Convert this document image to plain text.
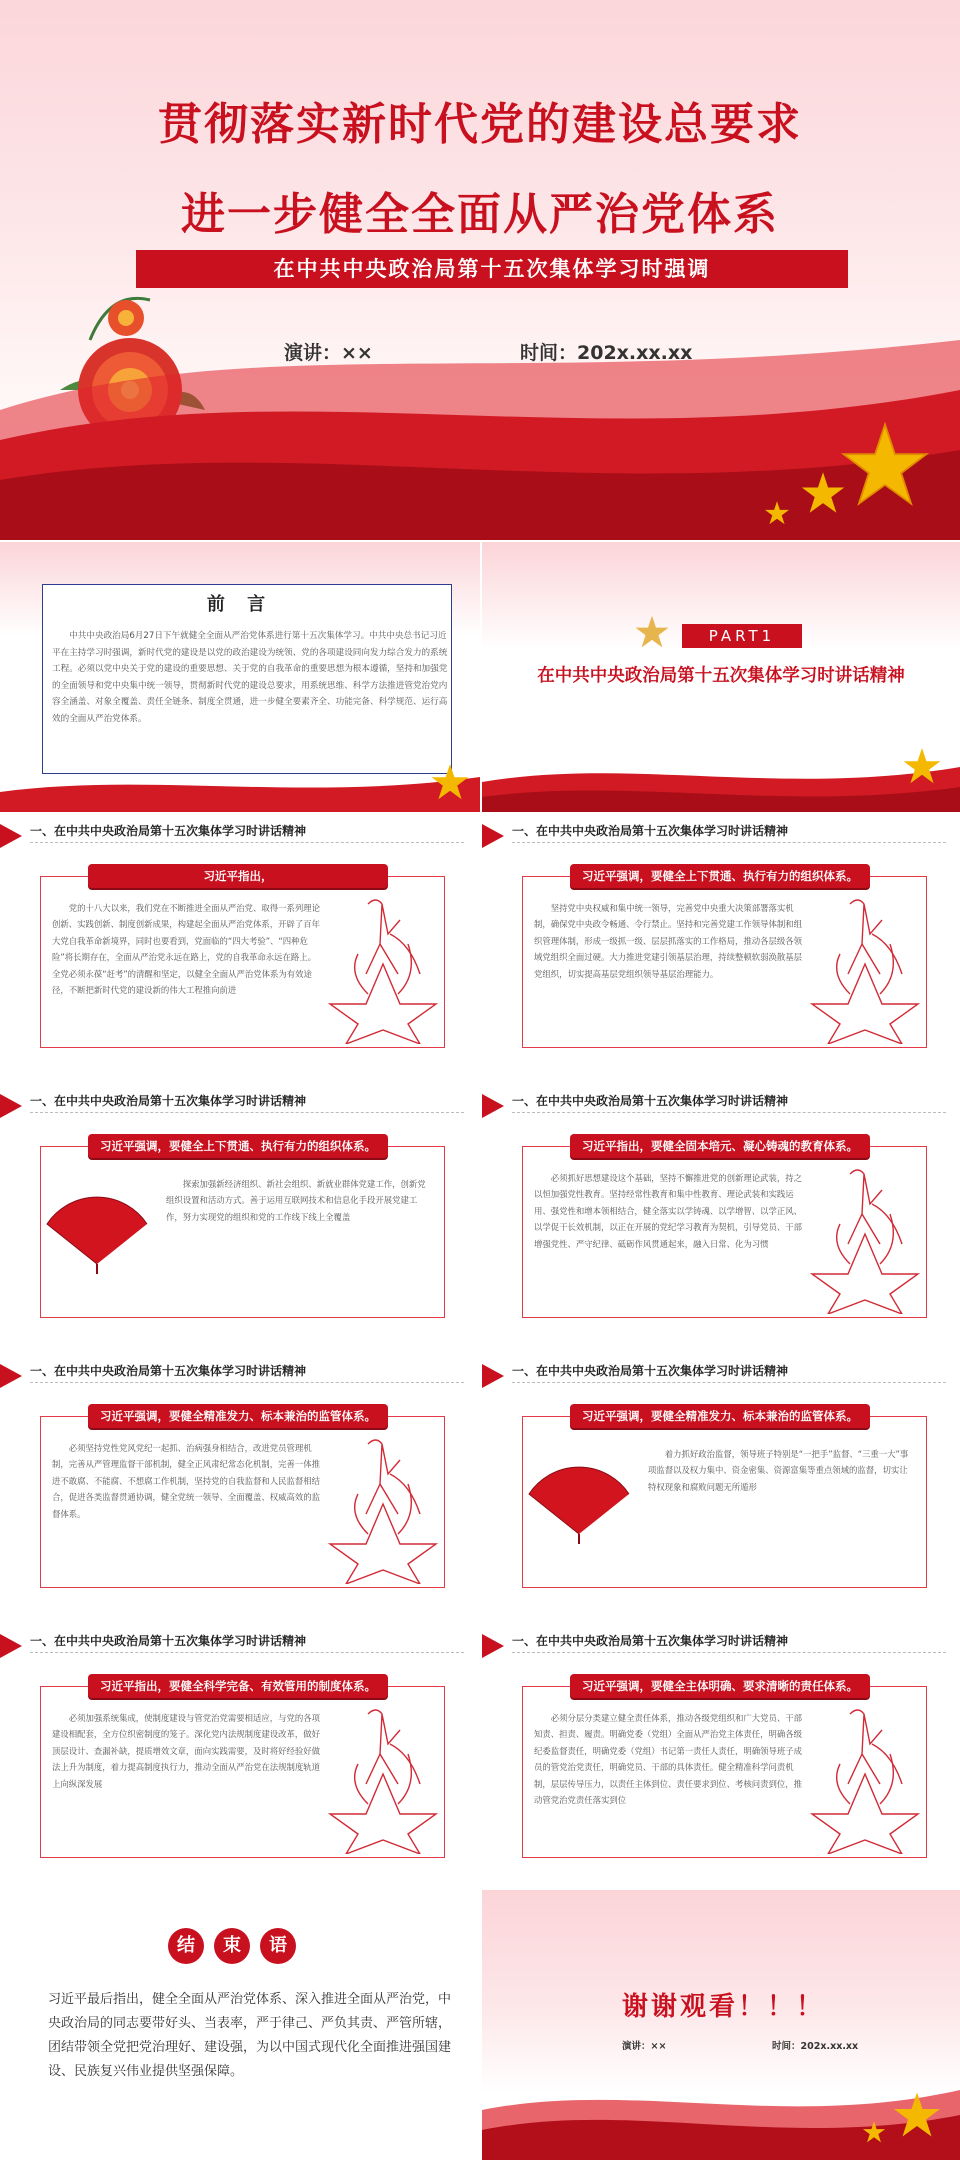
贯彻落实新时代党的建设总要求
进一步健全全面从严治党体系
在中共中央政治局第十五次集体学习时强调
演讲：××	时间：202x.xx.xx
前 言
中共中央政治局6月27日下午就健全全面从严治党体系进行第十五次集体学习。中共中央总书记习近平在主持学习时强调，新时代党的建设是以党的政治建设为统领、党的各项建设同向发力综合发力的系统工程。必须以党中央关于党的建设的重要思想、关于党的自我革命的重要思想为根本遵循，坚持和加强党的全面领导和党中央集中统一领导，贯彻新时代党的建设总要求，用系统思维、科学方法推进管党治党内容全涵盖、对象全覆盖、责任全链条、制度全贯通，进一步健全要素齐全、功能完备、科学规范、运行高效的全面从严治党体系。
PART1
在中共中央政治局第十五次集体学习时讲话精神
一、在中共中央政治局第十五次集体学习时讲话精神
习近平指出，
党的十八大以来，我们党在不断推进全面从严治党、取得一系列理论创新、实践创新、制度创新成果，构建起全面从严治党体系，开辟了百年大党自我革命新境界，同时也要看到，党面临的“四大考验”、“四种危险”将长期存在，全面从严治党永远在路上，党的自我革命永远在路上。全党必须永葆“赶考”的清醒和坚定，以健全全面从严治党体系为有效途径，不断把新时代党的建设新的伟大工程推向前进
一、在中共中央政治局第十五次集体学习时讲话精神
习近平强调，要健全上下贯通、执行有力的组织体系。
坚持党中央权威和集中统一领导，完善党中央重大决策部署落实机制，确保党中央政令畅通、令行禁止。坚持和完善党建工作领导体制和组织管理体制，形成一级抓一级、层层抓落实的工作格局，推动各层级各领域党组织全面过硬。大力推进党建引领基层治理，持续整顿软弱涣散基层党组织，切实提高基层党组织领导基层治理能力。
一、在中共中央政治局第十五次集体学习时讲话精神
习近平强调，要健全上下贯通、执行有力的组织体系。
探索加强新经济组织、新社会组织、新就业群体党建工作，创新党组织设置和活动方式。善于运用互联网技术和信息化手段开展党建工作，努力实现党的组织和党的工作线下线上全覆盖
一、在中共中央政治局第十五次集体学习时讲话精神
习近平指出，要健全固本培元、凝心铸魂的教育体系。
必须抓好思想建设这个基础，坚持不懈推进党的创新理论武装，持之以恒加强党性教育。坚持经常性教育和集中性教育、理论武装和实践运用、强党性和增本领相结合，健全落实以学铸魂、以学增智、以学正风、以学促干长效机制，以正在开展的党纪学习教育为契机，引导党员、干部增强党性、严守纪律、砥砺作风贯通起来，融入日常、化为习惯
一、在中共中央政治局第十五次集体学习时讲话精神
习近平强调，要健全精准发力、标本兼治的监管体系。
必须坚持党性党风党纪一起抓、治病强身相结合，改进党员管理机制，完善从严管理监督干部机制，健全正风肃纪常态化机制，完善一体推进不敢腐、不能腐、不想腐工作机制，坚持党的自我监督和人民监督相结合，促进各类监督贯通协调，健全党统一领导、全面覆盖、权威高效的监督体系。
一、在中共中央政治局第十五次集体学习时讲话精神
习近平强调，要健全精准发力、标本兼治的监管体系。
着力抓好政治监督，领导班子特别是“一把手”监督、“三重一大”事项监督以及权力集中、资金密集、资源富集等重点领域的监督，切实让特权现象和腐败问题无所遁形
一、在中共中央政治局第十五次集体学习时讲话精神
习近平指出，要健全科学完备、有效管用的制度体系。
必须加强系统集成，使制度建设与管党治党需要相适应，与党的各项建设相配套，全方位织密制度的笼子。深化党内法规制度建设改革，做好顶层设计、查漏补缺，提质增效文章，面向实践需要，及时将好经验好做法上升为制度，着力提高制度执行力，推动全面从严治党在法规制度轨道上向纵深发展
一、在中共中央政治局第十五次集体学习时讲话精神
习近平强调，要健全主体明确、要求清晰的责任体系。
必须分层分类建立健全责任体系，推动各级党组织和广大党员、干部知责、担责、履责。明确党委（党组）全面从严治党主体责任，明确各级纪委监督责任，明确党委（党组）书记第一责任人责任，明确领导班子成员的管党治党责任，明确党员、干部的具体责任。健全精准科学问责机制，层层传导压力，以责任主体到位、责任要求到位、考核问责到位，推动管党治党责任落实到位
结	束	语
习近平最后指出，健全全面从严治党体系、深入推进全面从严治党，中央政治局的同志要带好头、当表率，严于律己、严负其责、严管所辖，团结带领全党把党治理好、建设强，为以中国式现代化全面推进强国建设、民族复兴伟业提供坚强保障。
谢谢观看！！！
演讲：××	时间：202x.xx.xx
